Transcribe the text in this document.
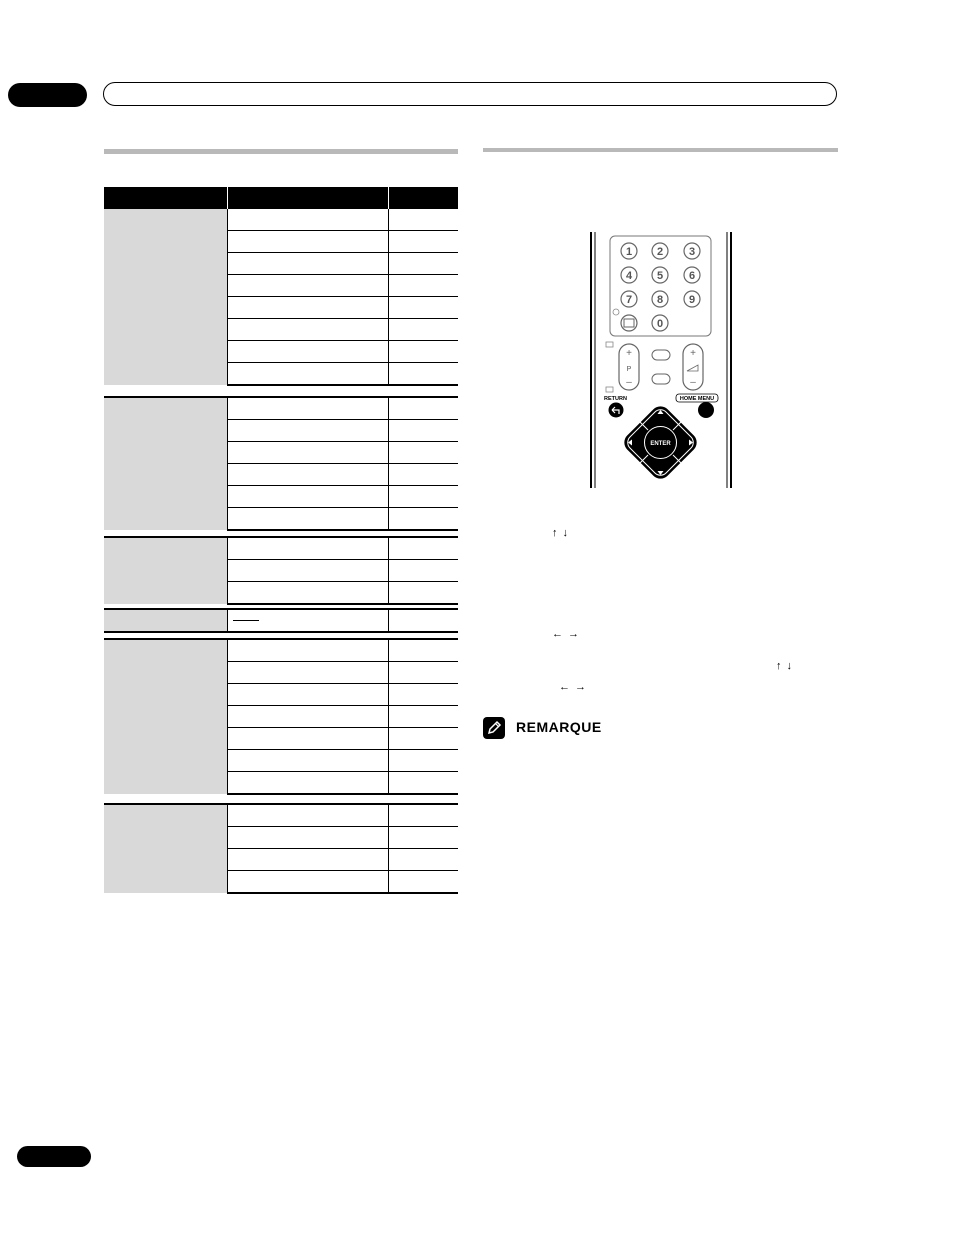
1 2 3
4 5 6
7 8 9
0
+
P
–
+
–
RETURN	HOME MENU
ENTER
↑ ↓
← →
↑ ↓
← →
REMARQUE
